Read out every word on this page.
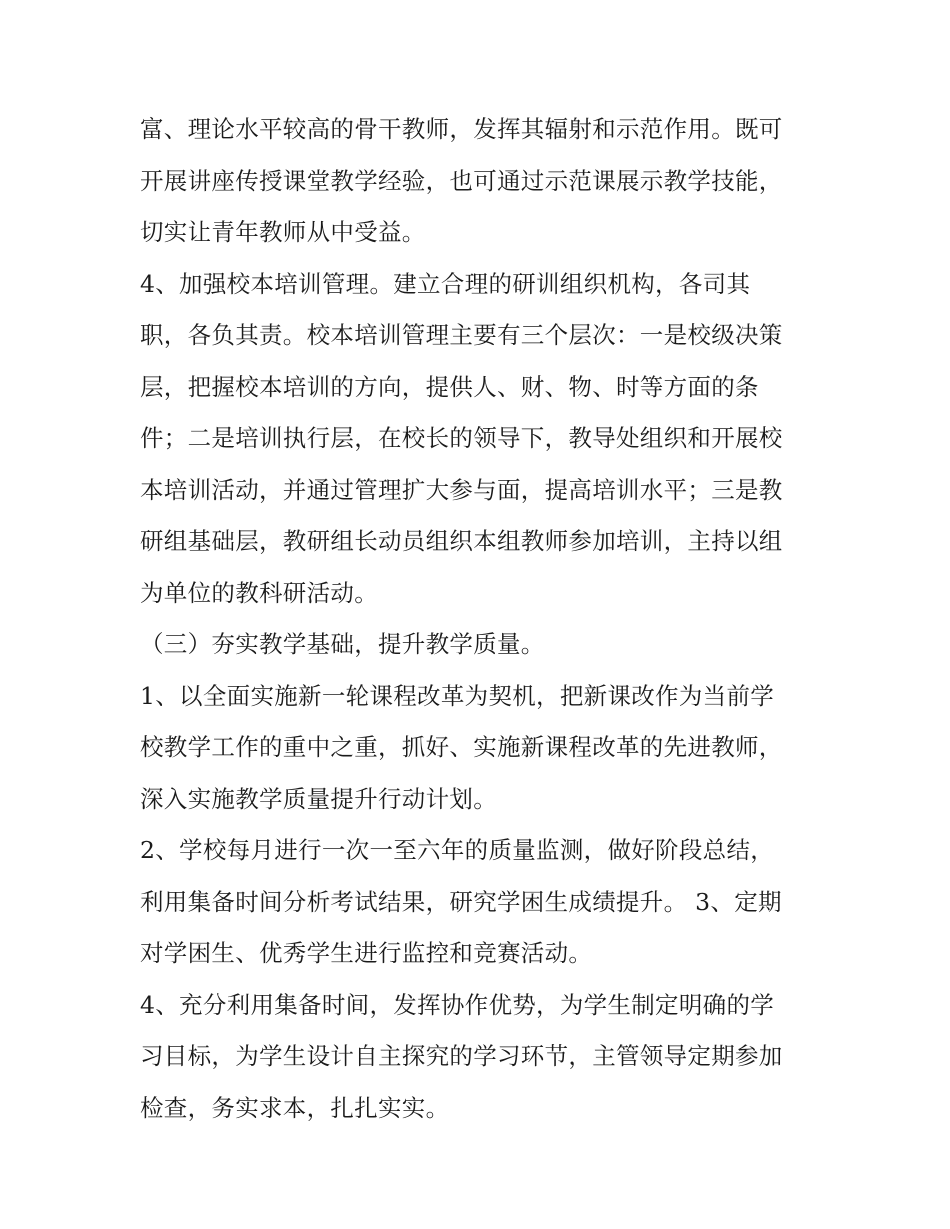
富、理论水平较高的骨干教师，发挥其辐射和示范作用。既可
开展讲座传授课堂教学经验，也可通过示范课展示教学技能，
切实让青年教师从中受益。
4、加强校本培训管理。建立合理的研训组织机构，各司其
职，各负其责。校本培训管理主要有三个层次：一是校级决策
层，把握校本培训的方向，提供人、财、物、时等方面的条
件；二是培训执行层，在校长的领导下，教导处组织和开展校
本培训活动，并通过管理扩大参与面，提高培训水平；三是教
研组基础层，教研组长动员组织本组教师参加培训，主持以组
为单位的教科研活动。
（三）夯实教学基础，提升教学质量。
1、以全面实施新一轮课程改革为契机，把新课改作为当前学
校教学工作的重中之重，抓好、实施新课程改革的先进教师，
深入实施教学质量提升行动计划。
2、学校每月进行一次一至六年的质量监测，做好阶段总结，
利用集备时间分析考试结果，研究学困生成绩提升。 3、定期
对学困生、优秀学生进行监控和竞赛活动。
4、充分利用集备时间，发挥协作优势，为学生制定明确的学
习目标，为学生设计自主探究的学习环节，主管领导定期参加
检查，务实求本，扎扎实实。
